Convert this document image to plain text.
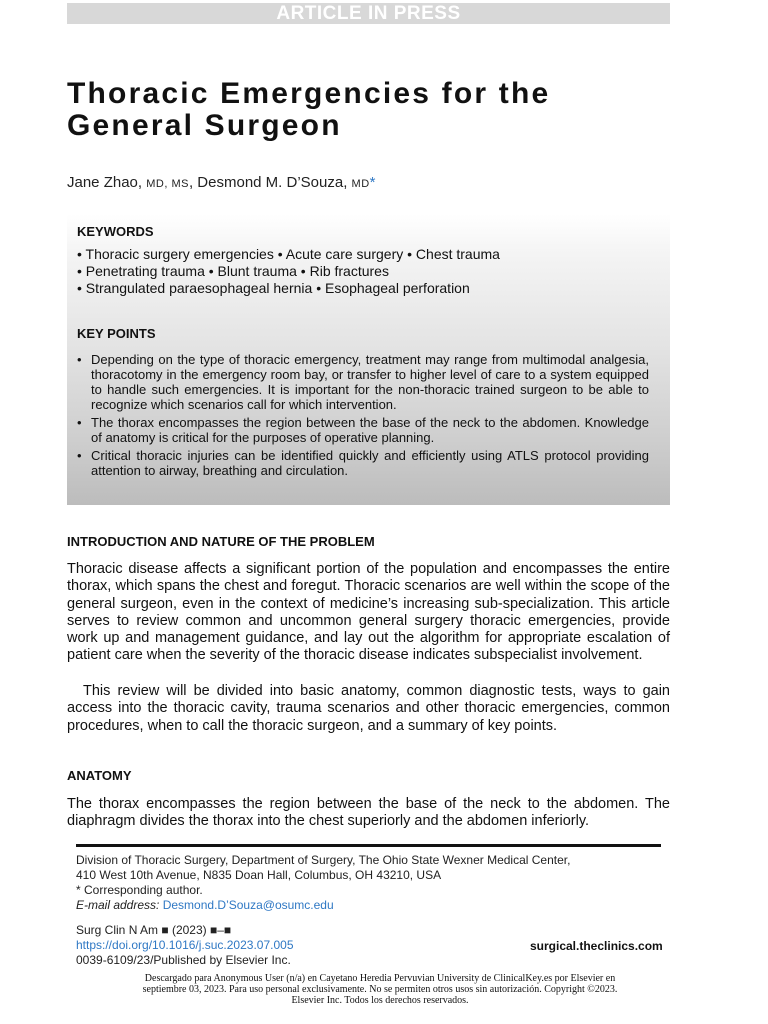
ARTICLE IN PRESS
Thoracic Emergencies for the
General Surgeon
Jane Zhao, MD, MS, Desmond M. D’Souza, MD*
KEYWORDS
• Thoracic surgery emergencies • Acute care surgery • Chest trauma
• Penetrating trauma • Blunt trauma • Rib fractures
• Strangulated paraesophageal hernia • Esophageal perforation
KEY POINTS
• Depending on the type of thoracic emergency, treatment may range from multimodal analgesia, thoracotomy in the emergency room bay, or transfer to higher level of care to a system equipped to handle such emergencies. It is important for the non-thoracic trained surgeon to be able to recognize which scenarios call for which intervention.
• The thorax encompasses the region between the base of the neck to the abdomen. Knowledge of anatomy is critical for the purposes of operative planning.
• Critical thoracic injuries can be identified quickly and efficiently using ATLS protocol providing attention to airway, breathing and circulation.
INTRODUCTION AND NATURE OF THE PROBLEM

Thoracic disease affects a significant portion of the population and encompasses the entire thorax, which spans the chest and foregut. Thoracic scenarios are well within the scope of the general surgeon, even in the context of medicine’s increasing sub-specialization. This article serves to review common and uncommon general surgery thoracic emergencies, provide work up and management guidance, and lay out the algorithm for appropriate escalation of patient care when the severity of the thoracic disease indicates subspecialist involvement.

This review will be divided into basic anatomy, common diagnostic tests, ways to gain access into the thoracic cavity, trauma scenarios and other thoracic emergencies, common procedures, when to call the thoracic surgeon, and a summary of key points.

ANATOMY

The thorax encompasses the region between the base of the neck to the abdomen. The diaphragm divides the thorax into the chest superiorly and the abdomen inferiorly.

Division of Thoracic Surgery, Department of Surgery, The Ohio State Wexner Medical Center,
410 West 10th Avenue, N835 Doan Hall, Columbus, OH 43210, USA
* Corresponding author.
E-mail address: Desmond.D’Souza@osumc.edu
Surg Clin N Am ■ (2023) ■–■
https://doi.org/10.1016/j.suc.2023.07.005
0039-6109/23/Published by Elsevier Inc.
surgical.theclinics.com
Descargado para Anonymous User (n/a) en Cayetano Heredia Pervuvian University de ClinicalKey.es por Elsevier en septiembre 03, 2023. Para uso personal exclusivamente. No se permiten otros usos sin autorización. Copyright ©2023. Elsevier Inc. Todos los derechos reservados.
